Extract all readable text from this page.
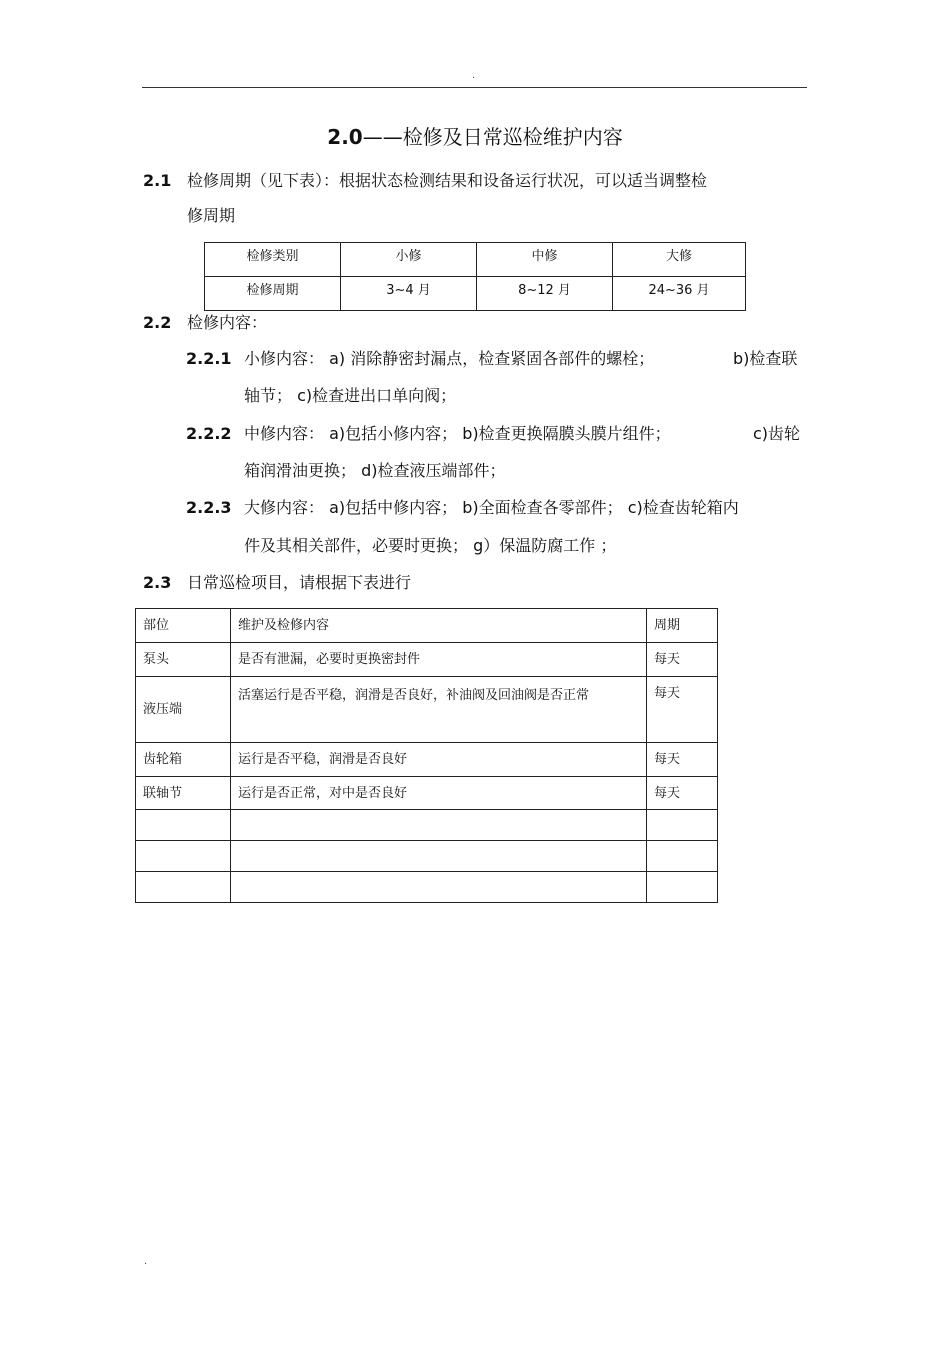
.
2.0——检修及日常巡检维护内容
2.1 检修周期（见下表）：根据状态检测结果和设备运行状况，可以适当调整检
修周期
检修类别	小修	中修	大修
检修周期	3~4 月	8~12 月	24~36 月
2.2 检修内容：
2.2.1 小修内容： a) 消除静密封漏点，检查紧固各部件的螺栓；	b)检查联
轴节； c)检查进出口单向阀；
2.2.2 中修内容： a)包括小修内容； b)检查更换隔膜头膜片组件；	c)齿轮
箱润滑油更换； d)检查液压端部件；
2.2.3 大修内容： a)包括中修内容； b)全面检查各零部件； c)检查齿轮箱内
件及其相关部件，必要时更换； g）保温防腐工作 ；
2.3 日常巡检项目，请根据下表进行
部位	维护及检修内容	周期
泵头	是否有泄漏，必要时更换密封件	每天
液压端	活塞运行是否平稳，润滑是否良好，补油阀及回油阀是否正常	每天
齿轮箱	运行是否平稳，润滑是否良好	每天
联轴节	运行是否正常，对中是否良好	每天

.
